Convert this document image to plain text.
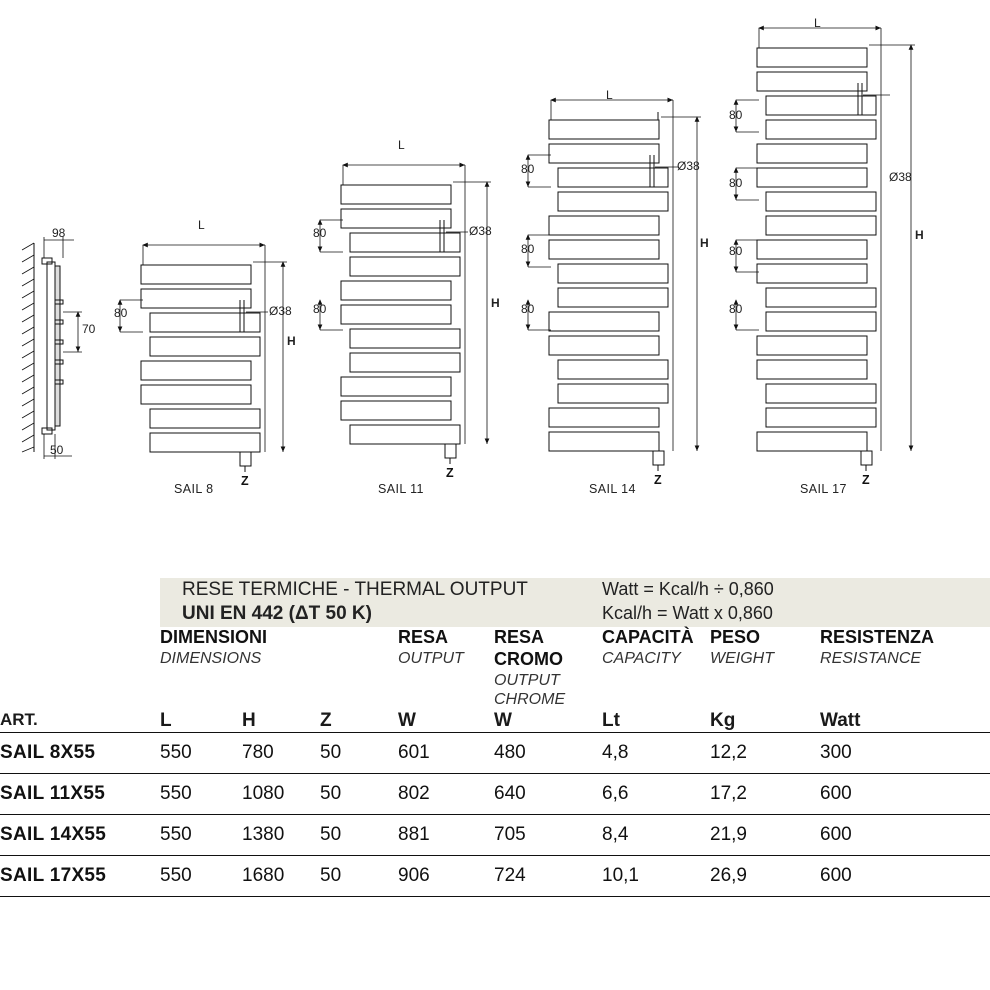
98
70
50
L
80	Ø38
H
Z
SAIL 8
L
80
80
Ø38
H
Z
SAIL 11
L
80
80
80
Ø38
H
Z
SAIL 14
L
80
80
80
80
Ø38
H
Z
SAIL 17

RESE TERMICHE - THERMAL OUTPUT
UNI EN 442 (ΔT 50 K)

Watt = Kcal/h ÷ 0,860
Kcal/h = Watt x 0,860

DIMENSIONI
DIMENSIONS

RESA
OUTPUT

RESA CROMO
OUTPUT CHROME

CAPACITÀ
CAPACITY

PESO
WEIGHT

RESISTENZA
RESISTANCE

ART.	L	H	Z	W	W	Lt	Kg	Watt
SAIL 8X55	550	780	50	601	480	4,8	12,2	300
SAIL 11X55	550	1080	50	802	640	6,6	17,2	600
SAIL 14X55	550	1380	50	881	705	8,4	21,9	600
SAIL 17X55	550	1680	50	906	724	10,1	26,9	600
